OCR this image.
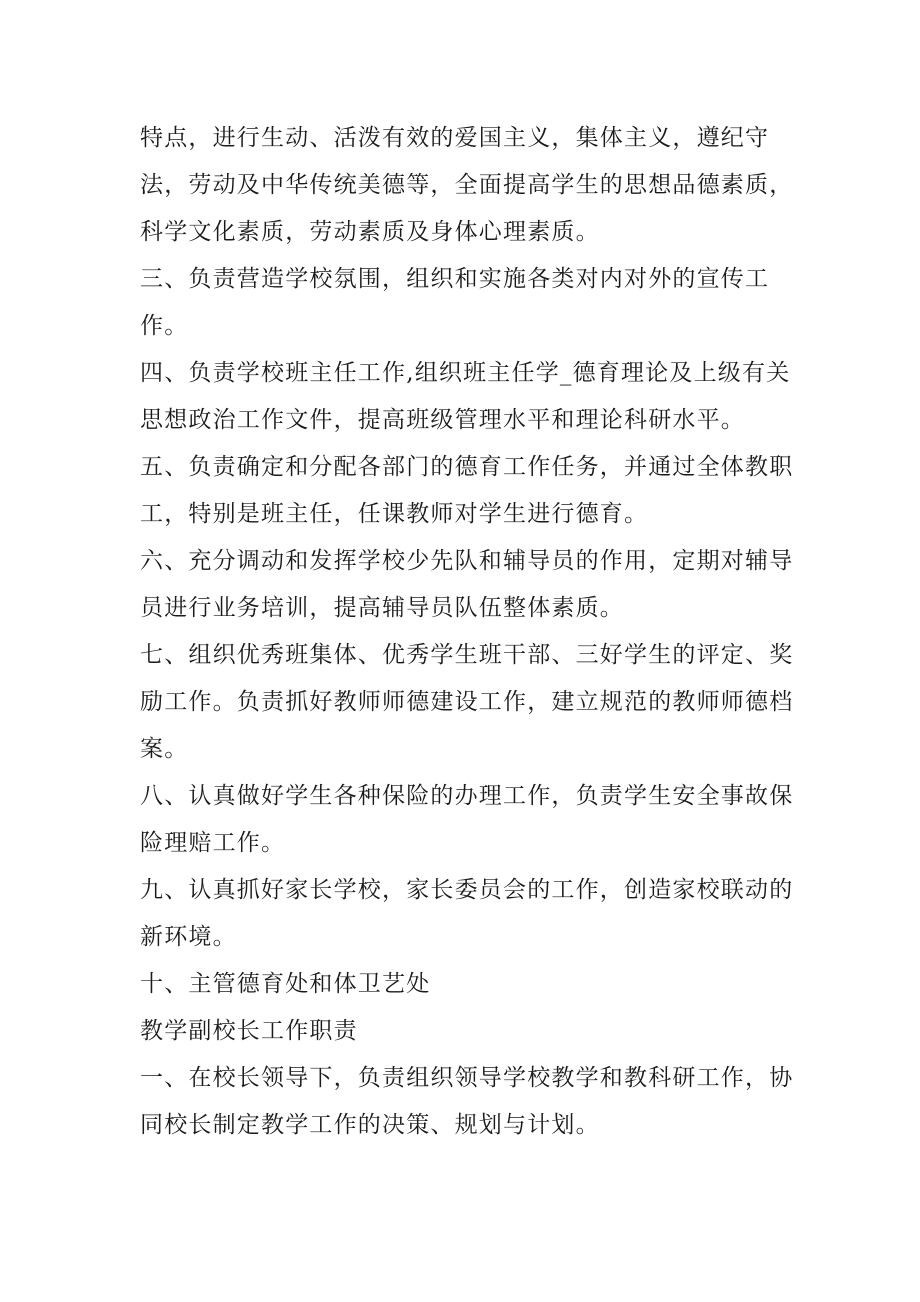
特点，进行生动、活泼有效的爱国主义，集体主义，遵纪守法，劳动及中华传统美德等，全面提高学生的思想品德素质，科学文化素质，劳动素质及身体心理素质。

三、负责营造学校氛围，组织和实施各类对内对外的宣传工作。

四、负责学校班主任工作,组织班主任学_德育理论及上级有关思想政治工作文件，提高班级管理水平和理论科研水平。

五、负责确定和分配各部门的德育工作任务，并通过全体教职工，特别是班主任，任课教师对学生进行德育。

六、充分调动和发挥学校少先队和辅导员的作用，定期对辅导员进行业务培训，提高辅导员队伍整体素质。

七、组织优秀班集体、优秀学生班干部、三好学生的评定、奖励工作。负责抓好教师师德建设工作，建立规范的教师师德档案。

八、认真做好学生各种保险的办理工作，负责学生安全事故保险理赔工作。

九、认真抓好家长学校，家长委员会的工作，创造家校联动的新环境。

十、主管德育处和体卫艺处

教学副校长工作职责

一、在校长领导下，负责组织领导学校教学和教科研工作，协同校长制定教学工作的决策、规划与计划。
